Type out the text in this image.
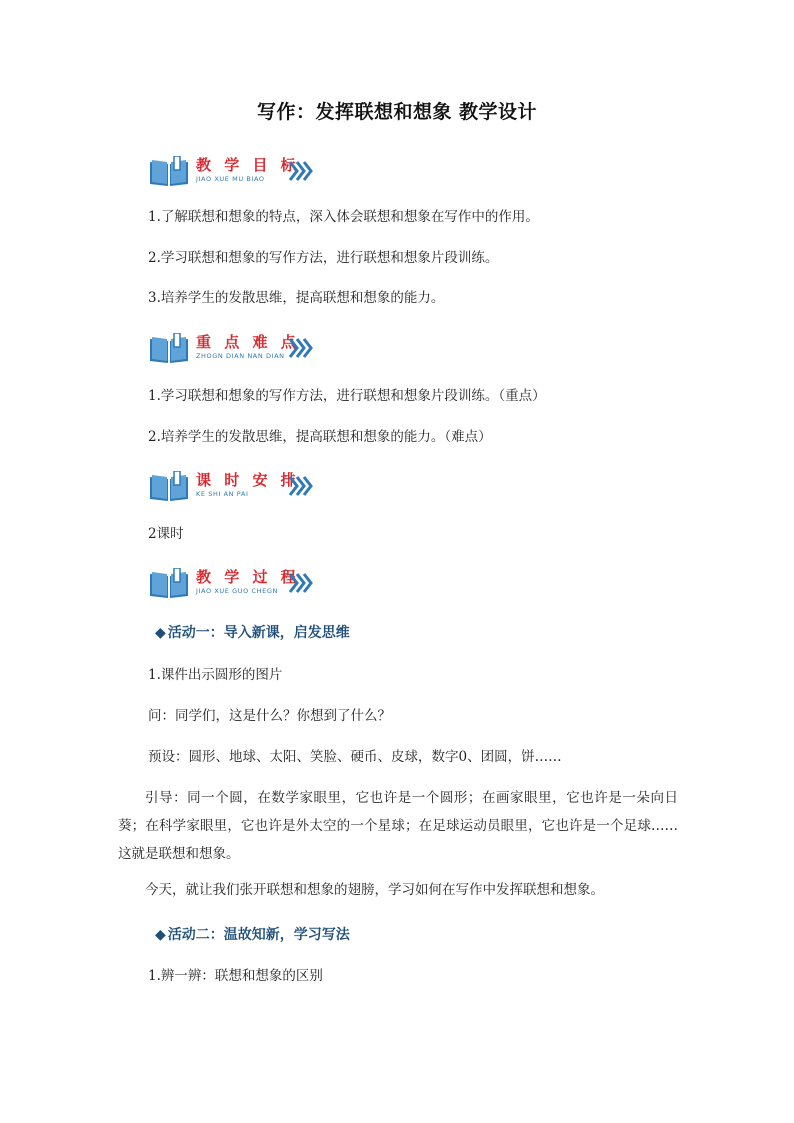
写作：发挥联想和想象 教学设计
教 学 目 标
JIAO XUE MU BIAO
1.了解联想和想象的特点，深入体会联想和想象在写作中的作用。
2.学习联想和想象的写作方法，进行联想和想象片段训练。
3.培养学生的发散思维，提高联想和想象的能力。
重 点 难 点
ZHOGN DIAN NAN DIAN
1.学习联想和想象的写作方法，进行联想和想象片段训练。（重点）
2.培养学生的发散思维，提高联想和想象的能力。（难点）
课 时 安 排
KE SHI AN PAI
2课时
教 学 过 程
JIAO XUE GUO CHEGN
◆ 活动一：导入新课，启发思维
1.课件出示圆形的图片
问：同学们，这是什么？你想到了什么？
预设：圆形、地球、太阳、笑脸、硬币、皮球，数字0、团圆，饼……
引导：同一个圆，在数学家眼里，它也许是一个圆形；在画家眼里，它也许是一朵向日葵；在科学家眼里，它也许是外太空的一个星球；在足球运动员眼里，它也许是一个足球……这就是联想和想象。
今天，就让我们张开联想和想象的翅膀，学习如何在写作中发挥联想和想象。
◆ 活动二：温故知新，学习写法
1.辨一辨：联想和想象的区别
